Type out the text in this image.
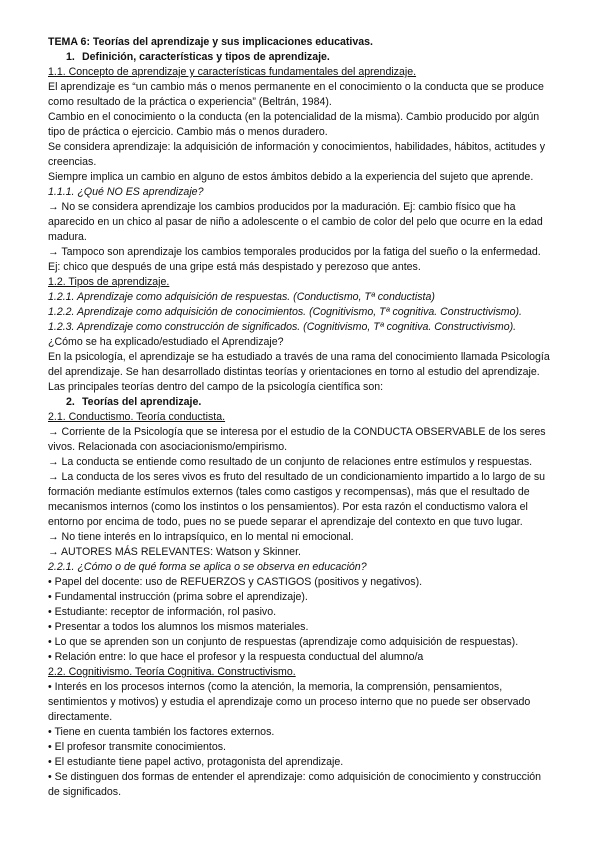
TEMA 6: Teorías del aprendizaje y sus implicaciones educativas.

1. Definición, características y tipos de aprendizaje.

1.1. Concepto de aprendizaje y características fundamentales del aprendizaje.

El aprendizaje es “un cambio más o menos permanente en el conocimiento o la conducta que se produce como resultado de la práctica o experiencia” (Beltrán, 1984).

Cambio en el conocimiento o la conducta (en la potencialidad de la misma). Cambio producido por algún tipo de práctica o ejercicio. Cambio más o menos duradero.

Se considera aprendizaje: la adquisición de información y conocimientos, habilidades, hábitos, actitudes y creencias.

Siempre implica un cambio en alguno de estos ámbitos debido a la experiencia del sujeto que aprende.

1.1.1. ¿Qué NO ES aprendizaje?

→ No se considera aprendizaje los cambios producidos por la maduración. Ej: cambio físico que ha aparecido en un chico al pasar de niño a adolescente o el cambio de color del pelo que ocurre en la edad madura.

→ Tampoco son aprendizaje los cambios temporales producidos por la fatiga del sueño o la enfermedad. Ej: chico que después de una gripe está más despistado y perezoso que antes.

1.2. Tipos de aprendizaje.

1.2.1. Aprendizaje como adquisición de respuestas. (Conductismo, Tª conductista)

1.2.2. Aprendizaje como adquisición de conocimientos. (Cognitivismo, Tª cognitiva. Constructivismo).

1.2.3. Aprendizaje como construcción de significados. (Cognitivismo, Tª cognitiva. Constructivismo).

¿Cómo se ha explicado/estudiado el Aprendizaje?

En la psicología, el aprendizaje se ha estudiado a través de una rama del conocimiento llamada Psicología del aprendizaje. Se han desarrollado distintas teorías y orientaciones en torno al estudio del aprendizaje. Las principales teorías dentro del campo de la psicología científica son:

2. Teorías del aprendizaje.

2.1. Conductismo. Teoría conductista.

→ Corriente de la Psicología que se interesa por el estudio de la CONDUCTA OBSERVABLE de los seres vivos. Relacionada con asociacionismo/empirismo.

→ La conducta se entiende como resultado de un conjunto de relaciones entre estímulos y respuestas.

→ La conducta de los seres vivos es fruto del resultado de un condicionamiento impartido a lo largo de su formación mediante estímulos externos (tales como castigos y recompensas), más que el resultado de mecanismos internos (como los instintos o los pensamientos). Por esta razón el conductismo valora el entorno por encima de todo, pues no se puede separar el aprendizaje del contexto en que tuvo lugar.

→ No tiene interés en lo intrapsíquico, en lo mental ni emocional.

→ AUTORES MÁS RELEVANTES: Watson y Skinner.

2.2.1. ¿Cómo o de qué forma se aplica o se observa en educación?

• Papel del docente: uso de REFUERZOS y CASTIGOS (positivos y negativos).

• Fundamental instrucción (prima sobre el aprendizaje).

• Estudiante: receptor de información, rol pasivo.

• Presentar a todos los alumnos los mismos materiales.

• Lo que se aprenden son un conjunto de respuestas (aprendizaje como adquisición de respuestas).

• Relación entre: lo que hace el profesor y la respuesta conductual del alumno/a

2.2. Cognitivismo. Teoría Cognitiva. Constructivismo.

• Interés en los procesos internos (como la atención, la memoria, la comprensión, pensamientos, sentimientos y motivos) y estudia el aprendizaje como un proceso interno que no puede ser observado directamente.

• Tiene en cuenta también los factores externos.

• El profesor transmite conocimientos.

• El estudiante tiene papel activo, protagonista del aprendizaje.

• Se distinguen dos formas de entender el aprendizaje: como adquisición de conocimiento y construcción de significados.
